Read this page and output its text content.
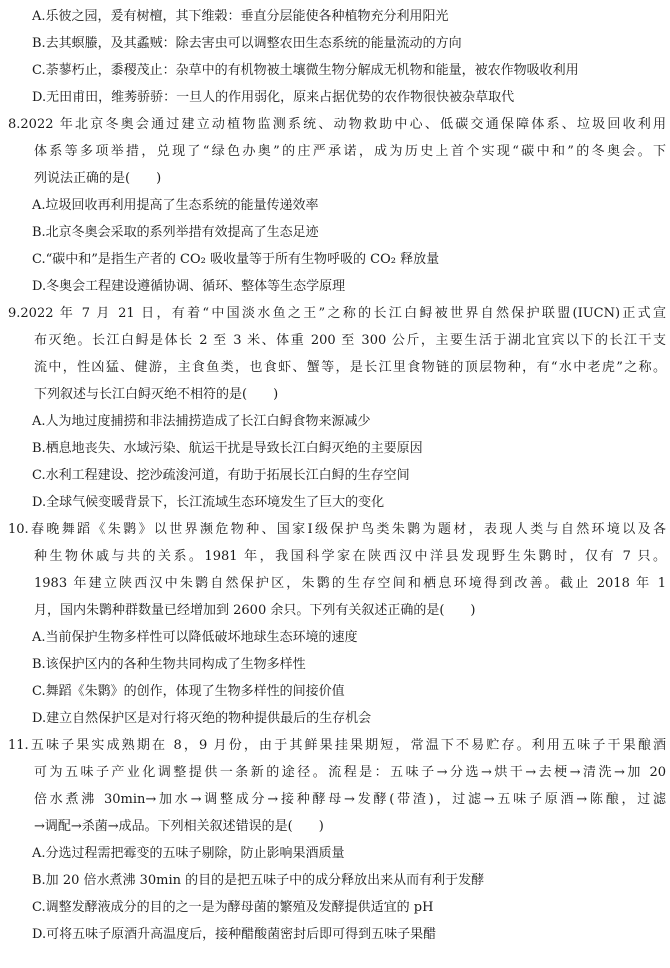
A.乐彼之园，爰有树檀，其下维榖：垂直分层能使各种植物充分利用阳光
B.去其螟螣，及其蟊贼：除去害虫可以调整农田生态系统的能量流动的方向
C.荼蓼朽止，黍稷茂止：杂草中的有机物被土壤微生物分解成无机物和能量，被农作物吸收利用
D.无田甫田，维莠骄骄：一旦人的作用弱化，原来占据优势的农作物很快被杂草取代
8.2022 年北京冬奥会通过建立动植物监测系统、动物救助中心、低碳交通保障体系、垃圾回收利用
体系等多项举措，兑现了“绿色办奥”的庄严承诺，成为历史上首个实现“碳中和”的冬奥会。下
列说法正确的是(　　)
A.垃圾回收再利用提高了生态系统的能量传递效率
B.北京冬奥会采取的系列举措有效提高了生态足迹
C.“碳中和”是指生产者的 CO₂ 吸收量等于所有生物呼吸的 CO₂ 释放量
D.冬奥会工程建设遵循协调、循环、整体等生态学原理
9.2022 年 7 月 21 日，有着“中国淡水鱼之王”之称的长江白鲟被世界自然保护联盟(IUCN)正式宣
布灭绝。长江白鲟是体长 2 至 3 米、体重 200 至 300 公斤，主要生活于湖北宜宾以下的长江干支
流中，性凶猛、健游，主食鱼类，也食虾、蟹等，是长江里食物链的顶层物种，有“水中老虎”之称。
下列叙述与长江白鲟灭绝不相符的是(　　)
A.人为地过度捕捞和非法捕捞造成了长江白鲟食物来源减少
B.栖息地丧失、水域污染、航运干扰是导致长江白鲟灭绝的主要原因
C.水利工程建设、挖沙疏浚河道，有助于拓展长江白鲟的生存空间
D.全球气候变暖背景下，长江流域生态环境发生了巨大的变化
10.春晚舞蹈《朱鹮》以世界濒危物种、国家Ⅰ级保护鸟类朱鹮为题材，表现人类与自然环境以及各
种生物休戚与共的关系。1981 年，我国科学家在陕西汉中洋县发现野生朱鹮时，仅有 7 只。
1983 年建立陕西汉中朱鹮自然保护区，朱鹮的生存空间和栖息环境得到改善。截止 2018 年 1
月，国内朱鹮种群数量已经增加到 2600 余只。下列有关叙述正确的是(　　)
A.当前保护生物多样性可以降低破坏地球生态环境的速度
B.该保护区内的各种生物共同构成了生物多样性
C.舞蹈《朱鹮》的创作，体现了生物多样性的间接价值
D.建立自然保护区是对行将灭绝的物种提供最后的生存机会
11.五味子果实成熟期在 8，9 月份，由于其鲜果挂果期短，常温下不易贮存。利用五味子干果酿酒
可为五味子产业化调整提供一条新的途径。流程是：五味子→分选→烘干→去梗→清洗→加 20
倍水煮沸 30min→加水→调整成分→接种酵母→发酵(带渣)，过滤→五味子原酒→陈酿，过滤
→调配→杀菌→成品。下列相关叙述错误的是(　　)
A.分选过程需把霉变的五味子剔除，防止影响果酒质量
B.加 20 倍水煮沸 30min 的目的是把五味子中的成分释放出来从而有利于发酵
C.调整发酵液成分的目的之一是为酵母菌的繁殖及发酵提供适宜的 pH
D.可将五味子原酒升高温度后，接种醋酸菌密封后即可得到五味子果醋
